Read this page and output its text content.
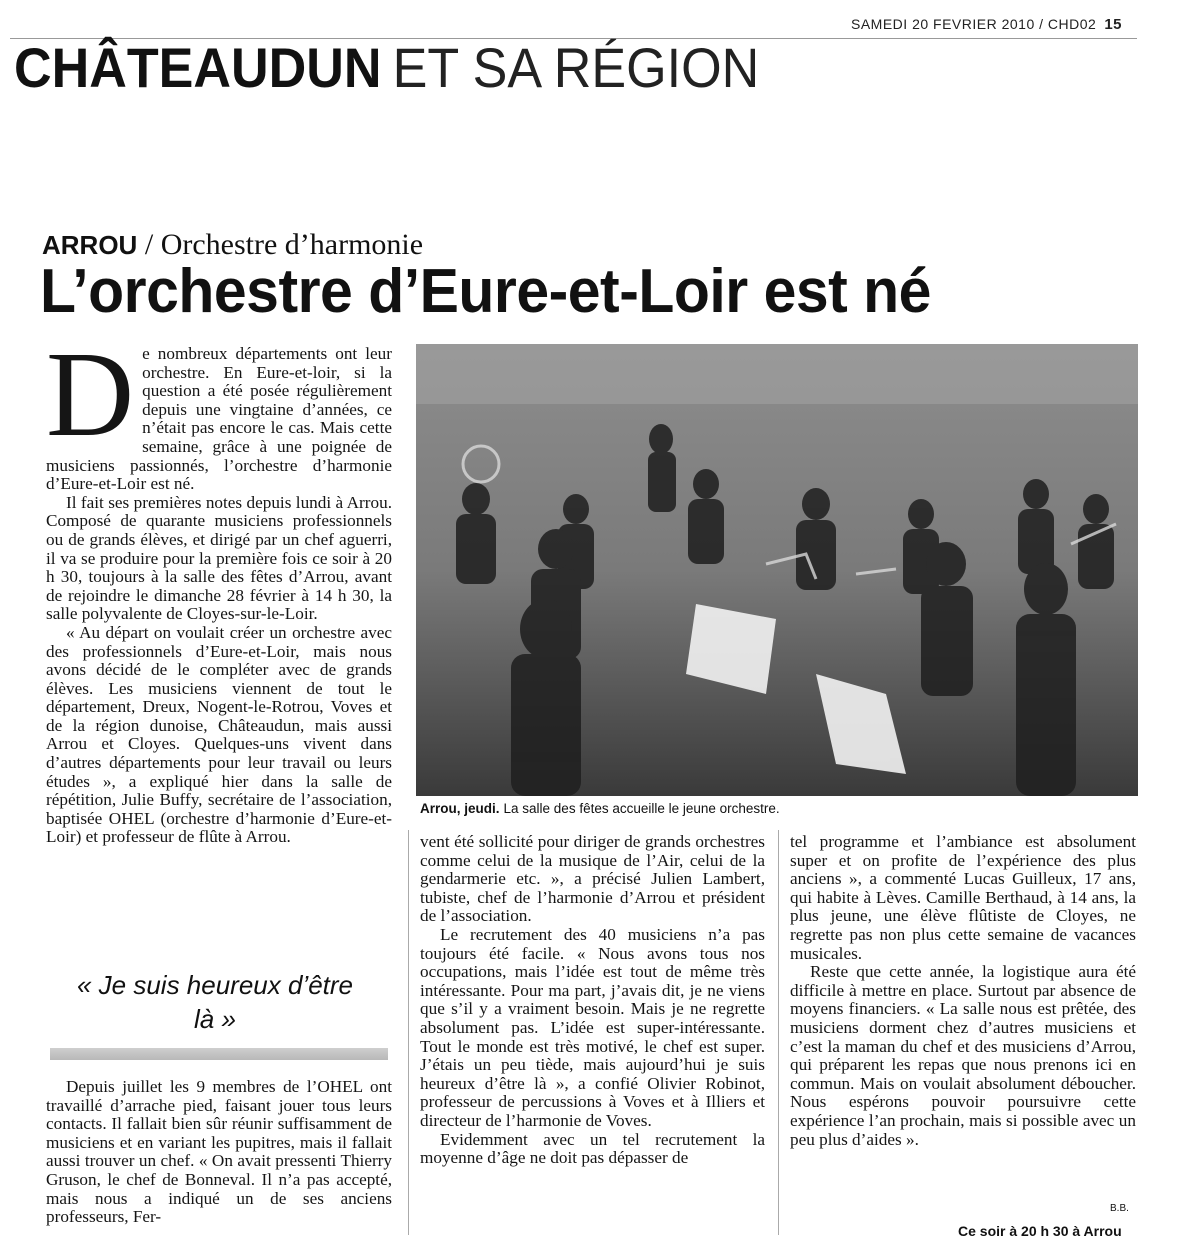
SAMEDI 20 FEVRIER 2010 / CHD02 15
CHÂTEAUDUN ET SA RÉGION
ARROU / Orchestre d’harmonie
L’orchestre d’Eure-et-Loir est né
D e nombreux départements ont leur orchestre. En Eure-et-loir, si la question a été posée régulièrement depuis une vingtaine d’années, ce n’était pas encore le cas. Mais cette semaine, grâce à une poignée de musiciens passionnés, l’orchestre d’harmonie d’Eure-et-Loir est né.

Il fait ses premières notes depuis lundi à Arrou. Composé de quarante musiciens professionnels ou de grands élèves, et dirigé par un chef aguerri, il va se produire pour la première fois ce soir à 20 h 30, toujours à la salle des fêtes d’Arrou, avant de rejoindre le dimanche 28 février à 14 h 30, la salle polyvalente de Cloyes-sur-le-Loir.

« Au départ on voulait créer un orchestre avec des professionnels d’Eure-et-Loir, mais nous avons décidé de le compléter avec de grands élèves. Les musiciens viennent de tout le département, Dreux, Nogent-le-Rotrou, Voves et de la région dunoise, Châteaudun, mais aussi Arrou et Cloyes. Quelques-uns vivent dans d’autres départements pour leur travail ou leurs études », a expliqué hier dans la salle de répétition, Julie Buffy, secrétaire de l’association, baptisée OHEL (orchestre d’harmonie d’Eure-et-Loir) et professeur de flûte à Arrou.

« Je suis heureux d’être là »

Depuis juillet les 9 membres de l’OHEL ont travaillé d’arrache pied, faisant jouer tous leurs contacts. Il fallait bien sûr réunir suffisamment de musiciens et en variant les pupitres, mais il fallait aussi trouver un chef. « On avait pressenti Thierry Gruson, le chef de Bonneval. Il n’a pas accepté, mais nous a indiqué un de ses anciens professeurs, Fer-

Arrou, jeudi. La salle des fêtes accueille le jeune orchestre.

vent été sollicité pour diriger de grands orchestres comme celui de la musique de l’Air, celui de la gendarmerie etc. », a précisé Julien Lambert, tubiste, chef de l’harmonie d’Arrou et président de l’association.

Le recrutement des 40 musiciens n’a pas toujours été facile. « Nous avons tous nos occupations, mais l’idée est tout de même très intéressante. Pour ma part, j’avais dit, je ne viens que s’il y a vraiment besoin. Mais je ne regrette absolument pas. L’idée est super-intéressante. Tout le monde est très motivé, le chef est super. J’étais un peu tiède, mais aujourd’hui je suis heureux d’être là », a confié Olivier Robinot, professeur de percussions à Voves et à Illiers et directeur de l’harmonie de Voves.

Evidemment avec un tel recrutement la moyenne d’âge ne doit pas dépasser de

tel programme et l’ambiance est absolument super et on profite de l’expérience des plus anciens », a commenté Lucas Guilleux, 17 ans, qui habite à Lèves. Camille Berthaud, à 14 ans, la plus jeune, une élève flûtiste de Cloyes, ne regrette pas non plus cette semaine de vacances musicales.

Reste que cette année, la logistique aura été difficile à mettre en place. Surtout par absence de moyens financiers. « La salle nous est prêtée, des musiciens dorment chez d’autres musiciens et c’est la maman du chef et des musiciens d’Arrou, qui préparent les repas que nous prenons ici en commun. Mais on voulait absolument déboucher. Nous espérons pouvoir poursuivre cette expérience l’an prochain, mais si possible avec un peu plus d’aides ».

B.B.
Ce soir à 20 h 30 à Arrou
